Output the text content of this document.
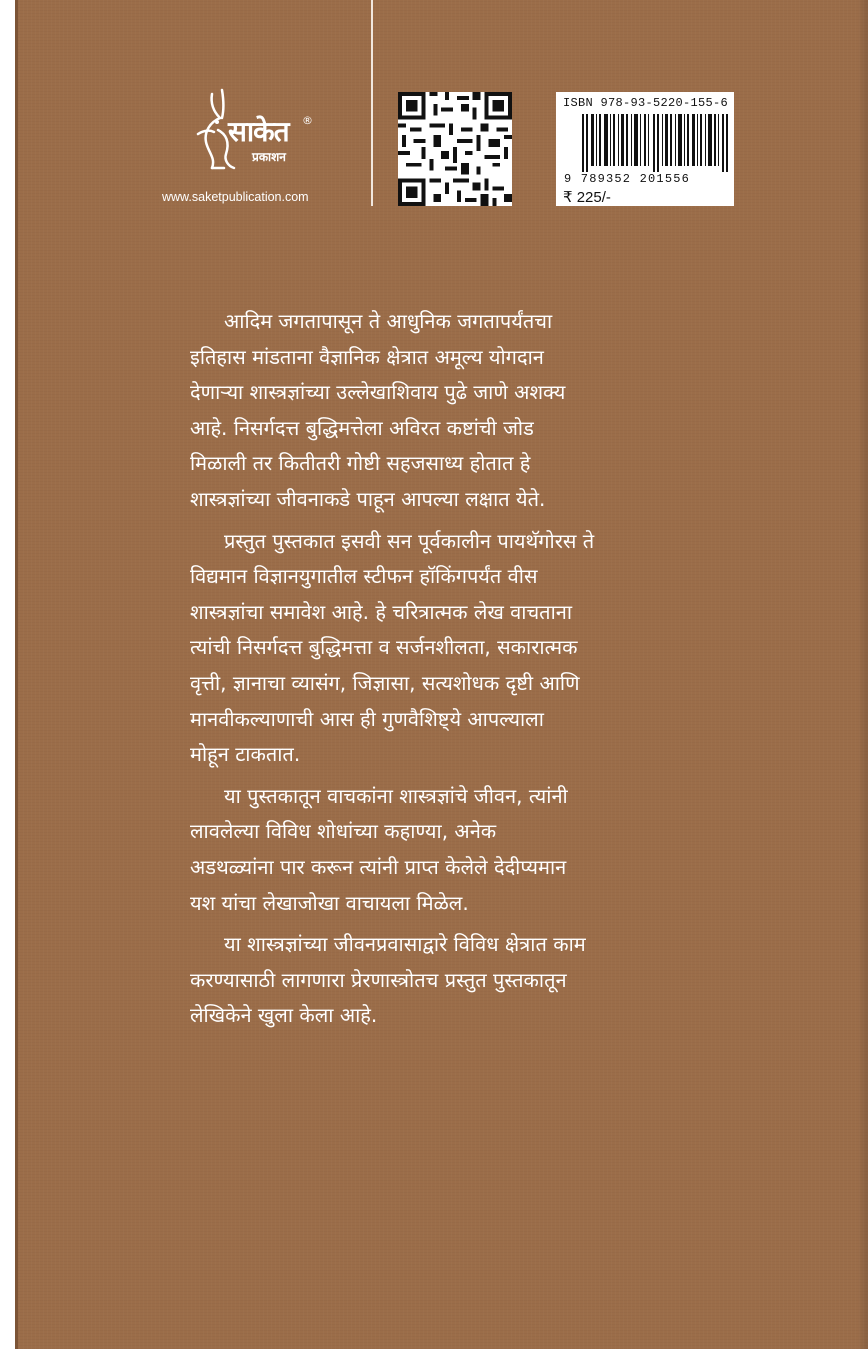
साकेत
प्रकाशन
®
www.saketpublication.com
ISBN 978-93-5220-155-6
9 789352 201556
₹ 225/-
आदिम जगतापासून ते आधुनिक जगतापर्यंतचा
इतिहास मांडताना वैज्ञानिक क्षेत्रात अमूल्य योगदान
देणाऱ्या शास्त्रज्ञांच्या उल्लेखाशिवाय पुढे जाणे अशक्य
आहे. निसर्गदत्त बुद्धिमत्तेला अविरत कष्टांची जोड
मिळाली तर कितीतरी गोष्टी सहजसाध्य होतात हे
शास्त्रज्ञांच्या जीवनाकडे पाहून आपल्या लक्षात येते.
प्रस्तुत पुस्तकात इसवी सन पूर्वकालीन पायथॅगोरस ते
विद्यमान विज्ञानयुगातील स्टीफन हॉकिंगपर्यंत वीस
शास्त्रज्ञांचा समावेश आहे. हे चरित्रात्मक लेख वाचताना
त्यांची निसर्गदत्त बुद्धिमत्ता व सर्जनशीलता, सकारात्मक
वृत्ती, ज्ञानाचा व्यासंग, जिज्ञासा, सत्यशोधक दृष्टी आणि
मानवीकल्याणाची आस ही गुणवैशिष्ट्ये आपल्याला
मोहून टाकतात.
या पुस्तकातून वाचकांना शास्त्रज्ञांचे जीवन, त्यांनी
लावलेल्या विविध शोधांच्या कहाण्या, अनेक
अडथळ्यांना पार करून त्यांनी प्राप्त केलेले देदीप्यमान
यश यांचा लेखाजोखा वाचायला मिळेल.
या शास्त्रज्ञांच्या जीवनप्रवासाद्वारे विविध क्षेत्रात काम
करण्यासाठी लागणारा प्रेरणास्त्रोतच प्रस्तुत पुस्तकातून
लेखिकेने खुला केला आहे.
